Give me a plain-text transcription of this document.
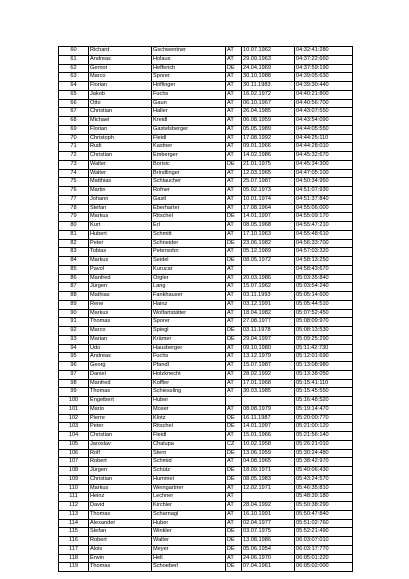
60	Richard	Gschwentner	AT	10.07.1962	04:32:41:280
61	Andreas	Holaus	AT	29.09.1963	04:37:22:660
62	Gernot	Hefferich	DE	24.04.1969	04:37:59:190
63	Marco	Sporer	AT	30.10.1988	04:39:05:630
64	Florian	Höflinger	AT	30.11.1983	04:39:30:440
65	Jakob	Fuchs	AT	16.02.1972	04:40:21:800
66	Otto	Gaun	AT	06.10.1967	04:40:56:700
67	Christian	Haller	AT	26.04.1985	04:43:07:550
68	Michael	Kreidl	AT	06.08.1959	04:43:54:090
69	Florian	Gastelsberger	AT	05.05.1989	04:44:05:550
70	Christoph	Fleidl	AT	17.08.1992	04:44:25:110
71	Rudi	Kastner	AT	09.01.1966	04:44:28:010
72	Christian	Emberger	AT	14.02.1986	04:45:32:670
73	Walter	Borisic	DE	21.01.1975	04:45:34:300
74	Walter	Brindlinger	AT	12.03.1965	04:47:05:100
75	Matthias	Schlaucher	AT	25.07.1987	04:50:34:950
76	Martin	Rofner	AT	05.02.1973	04:51:07:930
77	Johann	Gastl	AT	10.01.1974	04:51:37:840
78	Stefan	Eberharter	AT	17.08.1964	04:55:06:000
79	Markus	Ritschel	DE	14.01.1997	04:55:09:170
80	Kurt	Erl	AT	08.05.1968	04:55:47:210
81	Hubert	Schmitt	AT	17.10.1963	04:55:48:610
82	Peter	Schneider	DE	23.06.1982	04:56:33:700
83	Tobias	Petersohn	AT	05.12.1989	04:57:03:320
84	Markus	Seidel	DE	08.05.1972	04:58:13:250
85	Pavol	Kurucar	AT		04:58:43:670
86	Manfred	Orgler	AT	20.03.1986	05:03:35:840
87	Jürgen	Lang	AT	15.07.1962	05:03:54:240
88	Mathias	Fankhauser	AT	03.11.1993	05:05:14:600
89	Rene	Hainz	AT	03.12.1991	05:05:44:510
90	Markus	Wolfartstätter	AT	18.04.1982	05:07:52:450
91	Thomas	Sporer	AT	27.08.1977	05:08:09:970
92	Marco	Spiegl	DE	03.11.1978	05:08:13:530
93	Marian	Krämer	DE	29.04.1997	05:09:25:290
94	Udo	Hausberger	AT	09.10.1980	05:11:42:730
95	Andreas	Fuchs	AT	13.12.1979	05:12:01:690
96	Georg	Pfandl	AT	15.07.1987	05:13:08:980
97	Daniel	Holzknecht	AT	28.02.1992	05:13:38:050
98	Manfred	Koffler	AT	17.01.1968	05:15:41:110
99	Thomas	Schiessling	AT	30.03.1985	05:15:45:550
100	Engelbert	Huber			05:16:48:520
101	Mario	Moser	AT	08.08.1979	05:19:14:470
102	Pierre	Klotz	DE	16.11.1987	05:20:00:770
103	Peter	Ritschel	DE	14.01.1997	05:21:00:120
104	Christian	Fleidl	AT	15.01.1966	05:21:56:140
105	Jaroslav	Chalupa	CZ	10.02.1958	05:26:21:010
106	Rolf	Stern	DE	13.06.1959	05:30:24:480
107	Robert	Schmid	AT	04.08.1965	05:38:42:970
108	Jürgen	Schütz	DE	18.09.1971	05:40:06:430
109	Christian	Hummel	DE	08.05.1983	05:43:24:570
110	Markus	Weingartner	AT	12.02.1971	05:46:35:810
111	Heinz	Lechner	AT		05:48:39:180
112	David	Kirchler	AT	28.04.1992	05:50:38:290
113	Thomas	Scharnagl	AT	16.10.1991	05:50:47:840
114	Alexander	Huber	AT	02.04.1977	05:51:02:760
115	Stefan	Winkler	DE	03.07.1975	05:52:21:490
116	Robert	Walter	DE	13.08.1986	06:03:07:010
117	Alois	Meyer	DE	05.06.1954	06:03:17:770
118	Erwin	Hell	AT	24.06.1970	06:05:01:220
119	Thomas	Schoeberl	DE	07.04.1961	06:05:02:000
